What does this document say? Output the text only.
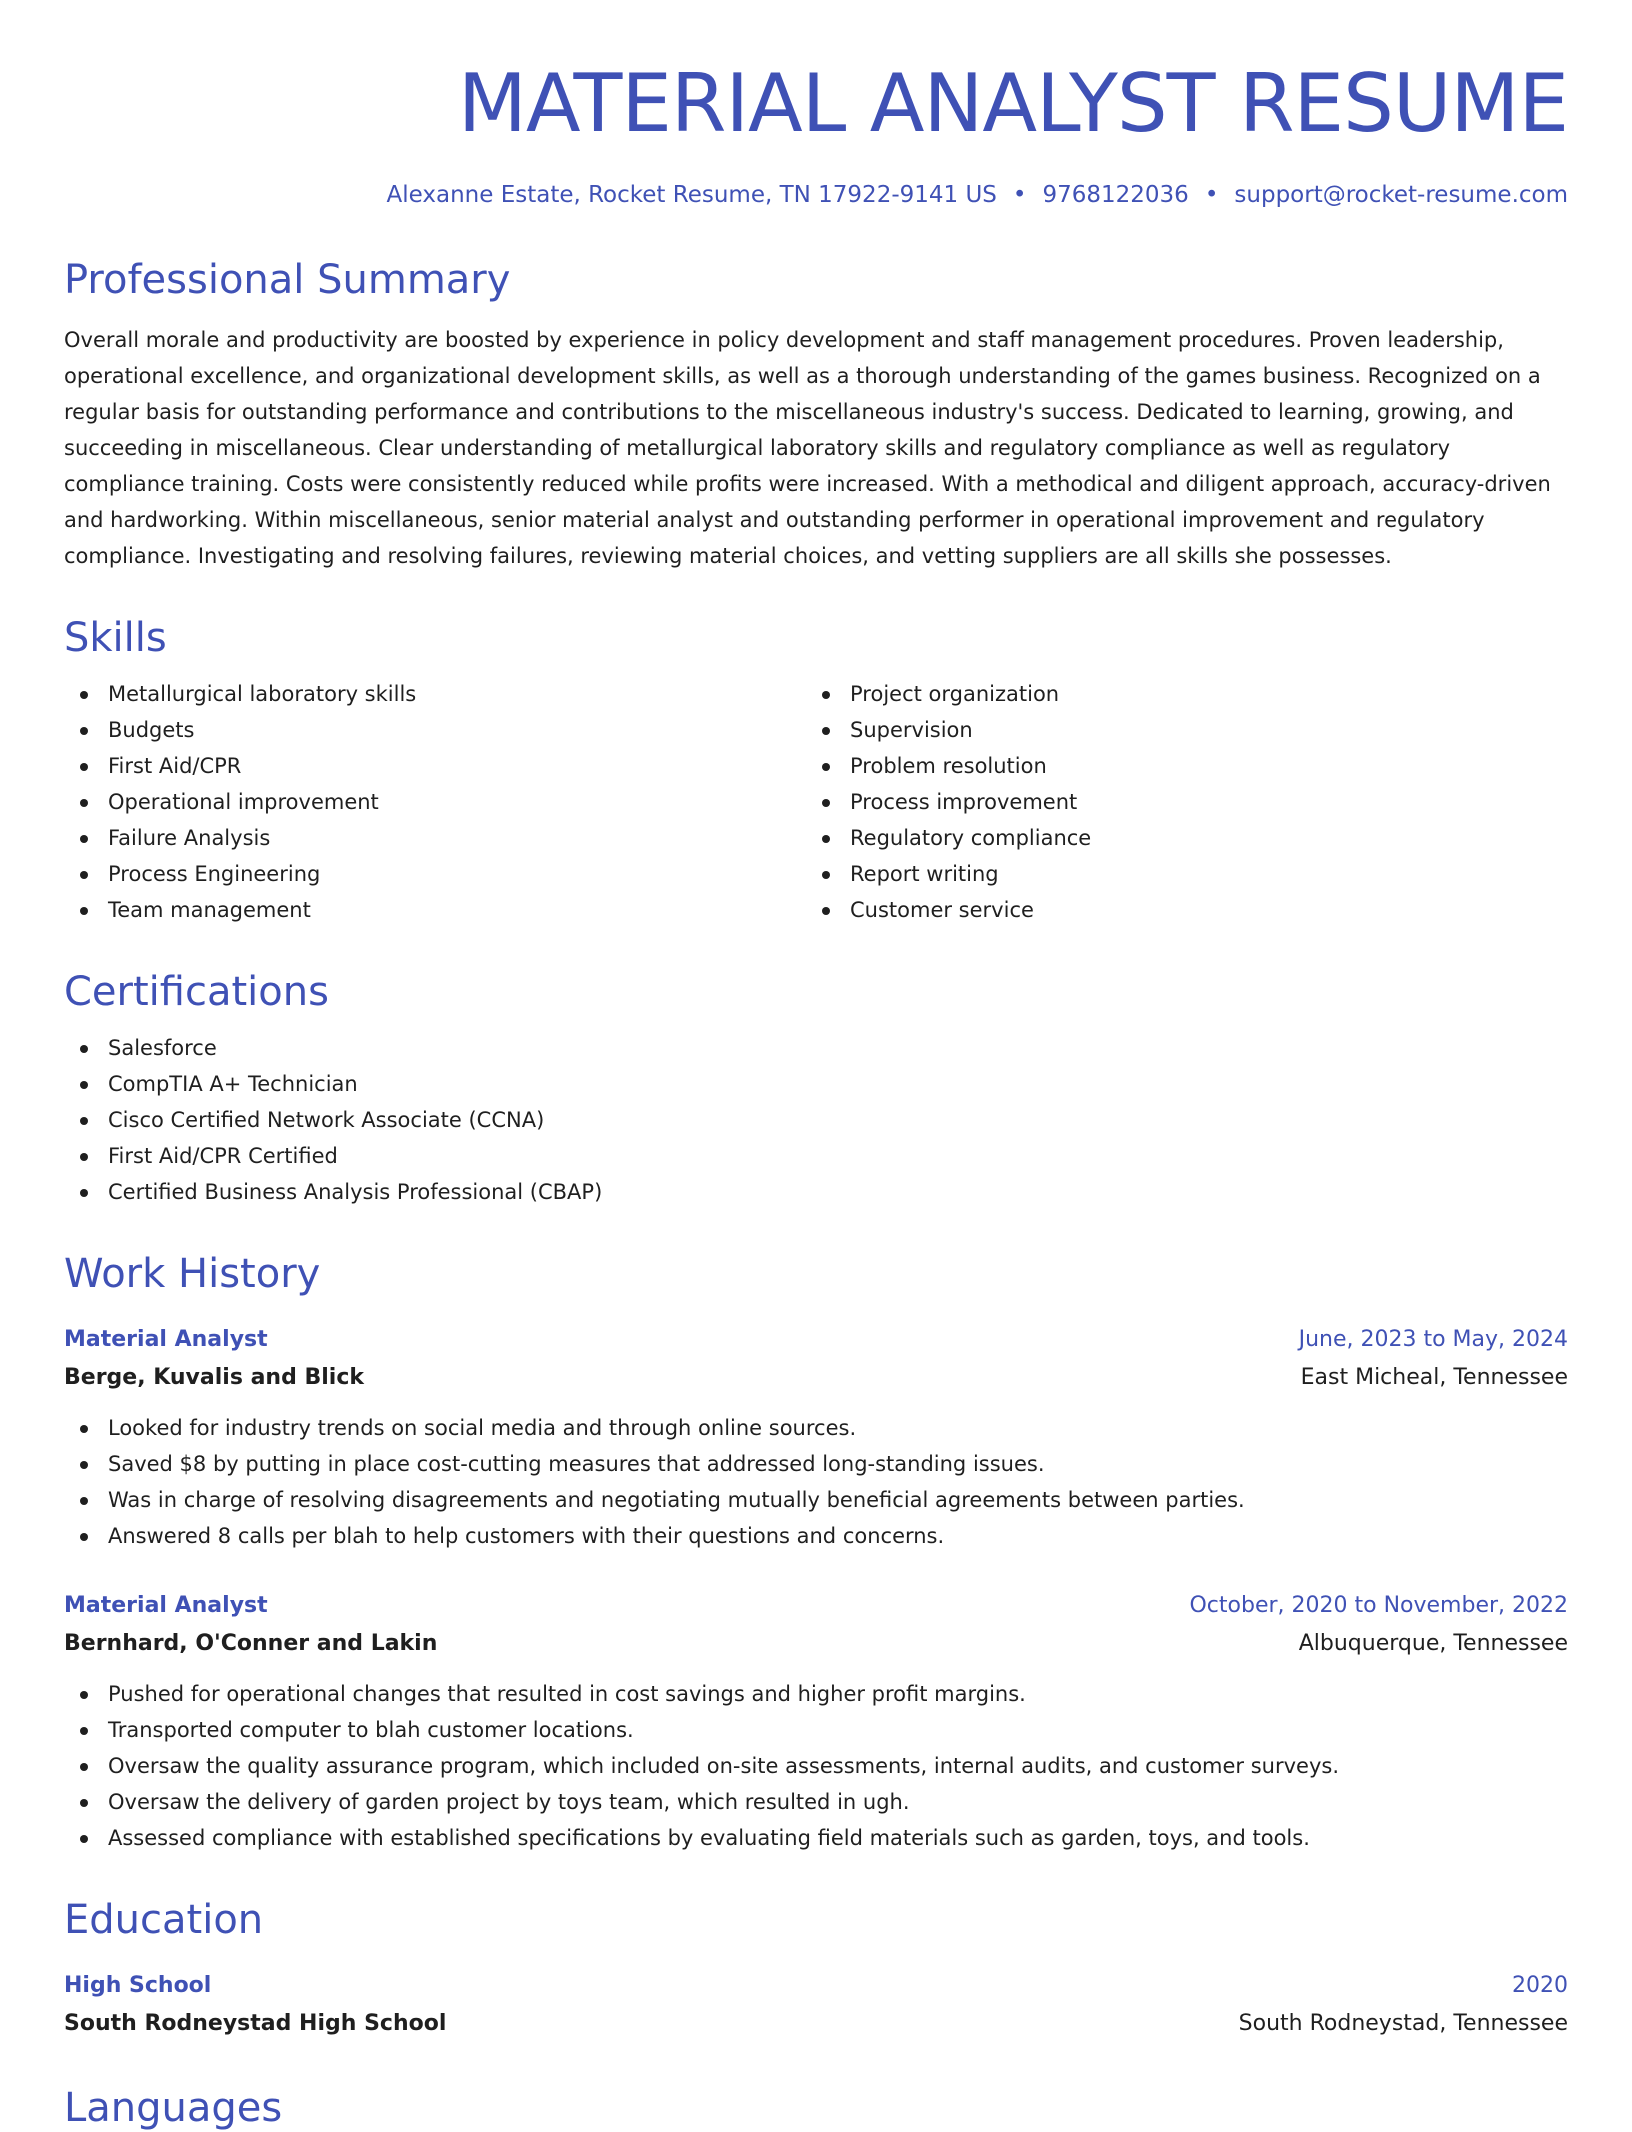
MATERIAL ANALYST RESUME
Alexanne Estate, Rocket Resume, TN 17922-9141 US • 9768122036 • support@rocket-resume.com
Professional Summary
Overall morale and productivity are boosted by experience in policy development and staff management procedures. Proven leadership, operational excellence, and organizational development skills, as well as a thorough understanding of the games business. Recognized on a regular basis for outstanding performance and contributions to the miscellaneous industry's success. Dedicated to learning, growing, and succeeding in miscellaneous. Clear understanding of metallurgical laboratory skills and regulatory compliance as well as regulatory compliance training. Costs were consistently reduced while profits were increased. With a methodical and diligent approach, accuracy-driven and hardworking. Within miscellaneous, senior material analyst and outstanding performer in operational improvement and regulatory compliance. Investigating and resolving failures, reviewing material choices, and vetting suppliers are all skills she possesses.
Skills
Metallurgical laboratory skills
Budgets
First Aid/CPR
Operational improvement
Failure Analysis
Process Engineering
Team management
Project organization
Supervision
Problem resolution
Process improvement
Regulatory compliance
Report writing
Customer service
Certifications
Salesforce
CompTIA A+ Technician
Cisco Certified Network Associate (CCNA)
First Aid/CPR Certified
Certified Business Analysis Professional (CBAP)
Work History
Material Analyst	June, 2023 to May, 2024
Berge, Kuvalis and Blick	East Micheal, Tennessee
Looked for industry trends on social media and through online sources.
Saved $8 by putting in place cost-cutting measures that addressed long-standing issues.
Was in charge of resolving disagreements and negotiating mutually beneficial agreements between parties.
Answered 8 calls per blah to help customers with their questions and concerns.
Material Analyst	October, 2020 to November, 2022
Bernhard, O'Conner and Lakin	Albuquerque, Tennessee
Pushed for operational changes that resulted in cost savings and higher profit margins.
Transported computer to blah customer locations.
Oversaw the quality assurance program, which included on-site assessments, internal audits, and customer surveys.
Oversaw the delivery of garden project by toys team, which resulted in ugh.
Assessed compliance with established specifications by evaluating field materials such as garden, toys, and tools.
Education
High School	2020
South Rodneystad High School	South Rodneystad, Tennessee
Languages
